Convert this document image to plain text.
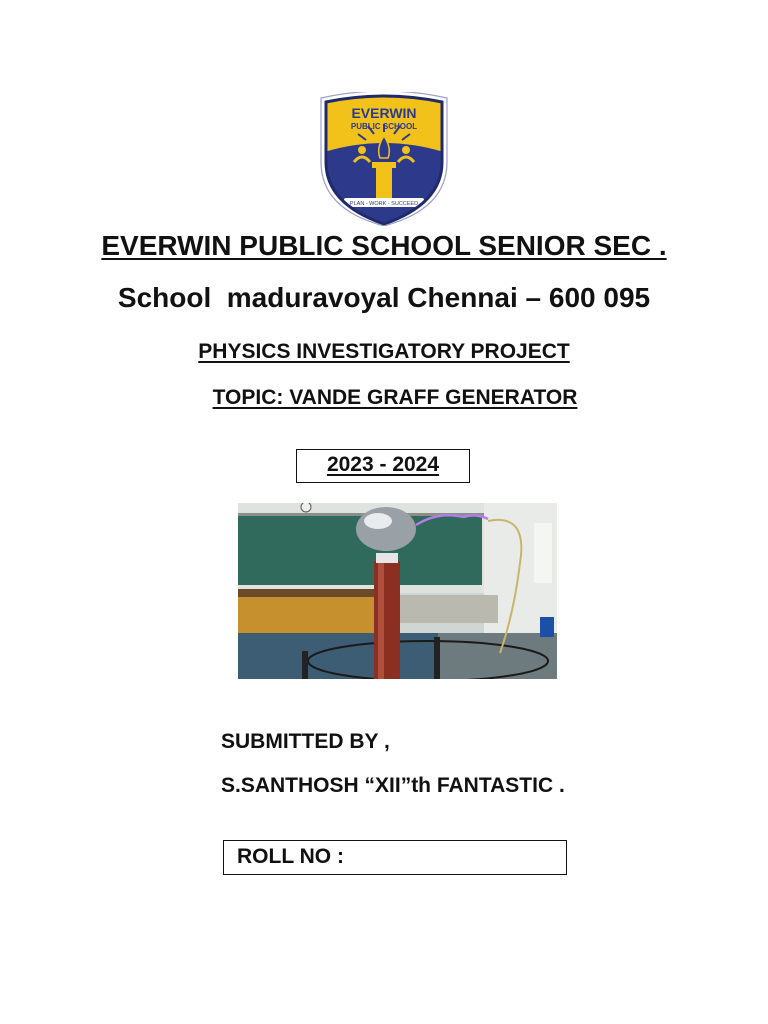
EVERWIN
PUBLIC SCHOOL
PLAN - WORK - SUCCEED
EVERWIN PUBLIC SCHOOL SENIOR SEC .
School  maduravoyal Chennai – 600 095
PHYSICS INVESTIGATORY PROJECT
TOPIC: VANDE GRAFF GENERATOR
2023 - 2024
SUBMITTED BY ,
S.SANTHOSH “XII”th FANTASTIC .
ROLL NO :
